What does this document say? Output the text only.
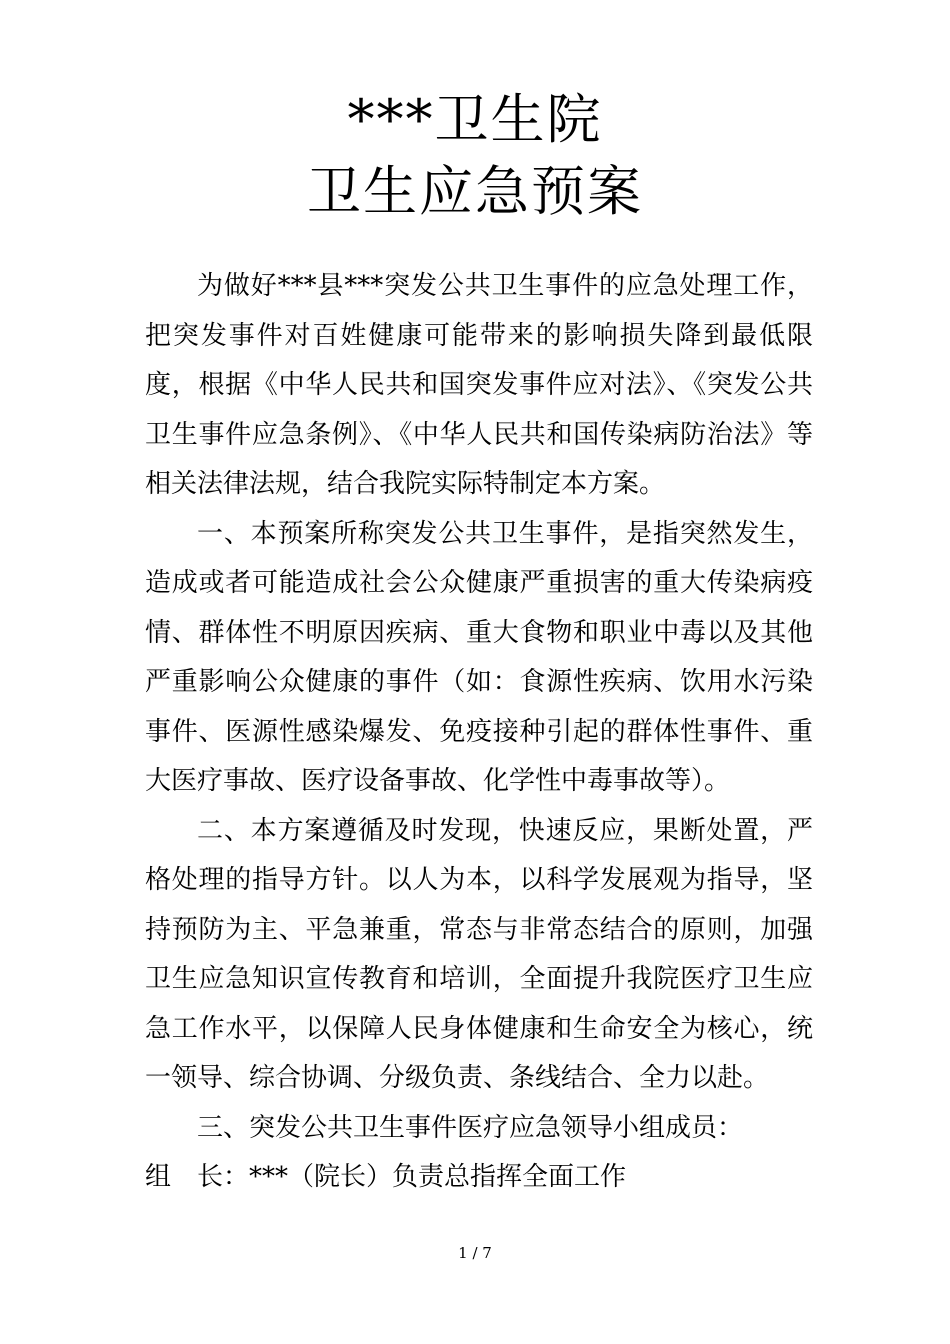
***卫生院
卫生应急预案

为做好***县***突发公共卫生事件的应急处理工作，把突发事件对百姓健康可能带来的影响损失降到最低限度，根据《中华人民共和国突发事件应对法》、《突发公共卫生事件应急条例》、《中华人民共和国传染病防治法》等相关法律法规，结合我院实际特制定本方案。

一、本预案所称突发公共卫生事件，是指突然发生，造成或者可能造成社会公众健康严重损害的重大传染病疫情、群体性不明原因疾病、重大食物和职业中毒以及其他严重影响公众健康的事件（如：食源性疾病、饮用水污染事件、医源性感染爆发、免疫接种引起的群体性事件、重大医疗事故、医疗设备事故、化学性中毒事故等）。

二、本方案遵循及时发现，快速反应，果断处置，严格处理的指导方针。以人为本，以科学发展观为指导，坚持预防为主、平急兼重，常态与非常态结合的原则，加强卫生应急知识宣传教育和培训，全面提升我院医疗卫生应急工作水平，以保障人民身体健康和生命安全为核心，统一领导、综合协调、分级负责、条线结合、全力以赴。

三、突发公共卫生事件医疗应急领导小组成员：

组　长：***（院长）负责总指挥全面工作

1 / 7
